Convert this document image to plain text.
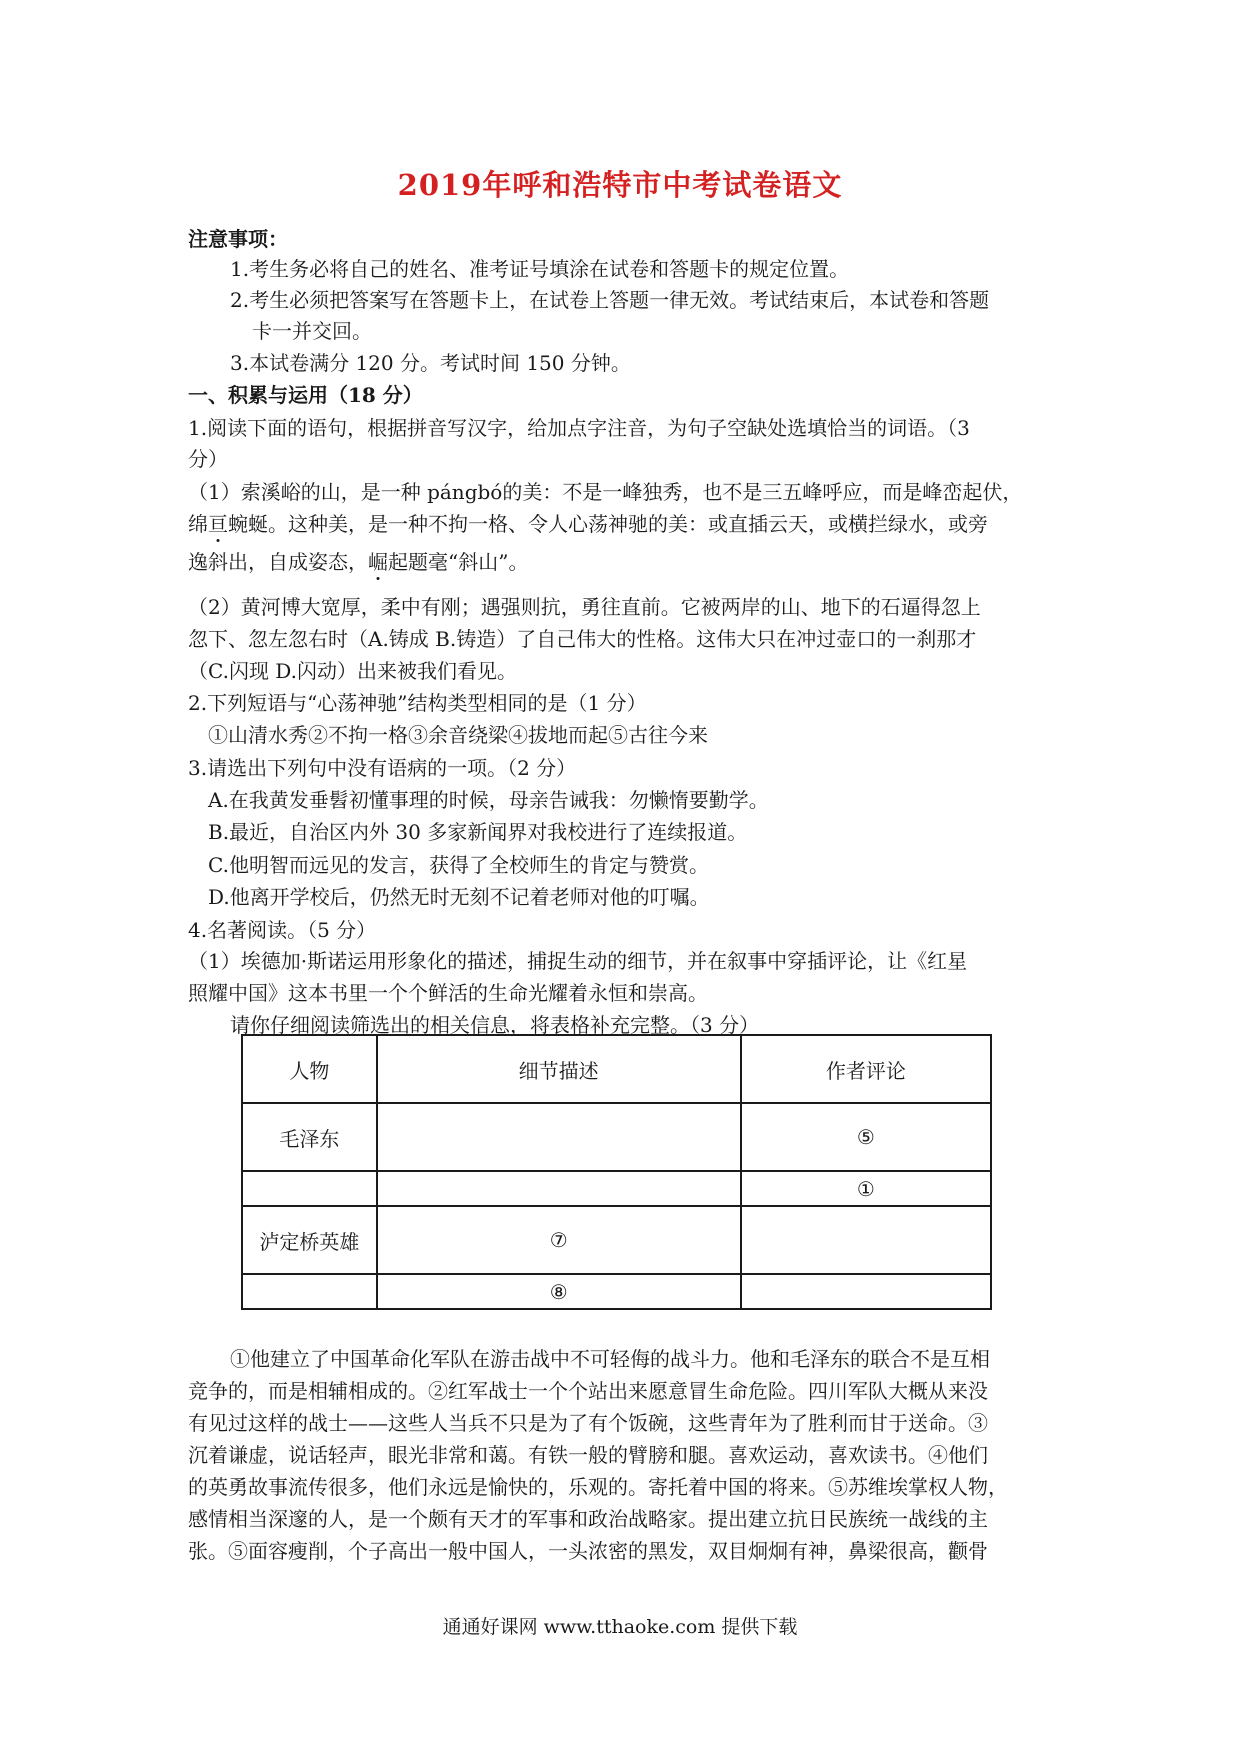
2019年呼和浩特市中考试卷语文
注意事项：
1.考生务必将自己的姓名、准考证号填涂在试卷和答题卡的规定位置。
2.考生必须把答案写在答题卡上，在试卷上答题一律无效。考试结束后，本试卷和答题
卡一并交回。
3.本试卷满分 120 分。考试时间 150 分钟。
一、积累与运用（18 分）
1.阅读下面的语句，根据拼音写汉字，给加点字注音，为句子空缺处选填恰当的词语。（3
分）
（1）索溪峪的山，是一种 pángbó的美：不是一峰独秀，也不是三五峰呼应，而是峰峦起伏，
绵亘蜿蜒。这种美，是一种不拘一格、令人心荡神驰的美：或直插云天，或横拦绿水，或旁
逸斜出，自成姿态，崛起题毫“斜山”。
（2）黄河博大宽厚，柔中有刚；遇强则抗，勇往直前。它被两岸的山、地下的石逼得忽上
忽下、忽左忽右时（A.铸成 B.铸造）了自己伟大的性格。这伟大只在冲过壶口的一刹那才
（C.闪现 D.闪动）出来被我们看见。
2.下列短语与“心荡神驰”结构类型相同的是（1 分）
①山清水秀②不拘一格③余音绕梁④拔地而起⑤古往今来
3.请选出下列句中没有语病的一项。（2 分）
A.在我黄发垂髫初懂事理的时候，母亲告诫我：勿懒惰要勤学。
B.最近，自治区内外 30 多家新闻界对我校进行了连续报道。
C.他明智而远见的发言，获得了全校师生的肯定与赞赏。
D.他离开学校后，仍然无时无刻不记着老师对他的叮嘱。
4.名著阅读。（5 分）
（1）埃德加·斯诺运用形象化的描述，捕捉生动的细节，并在叙事中穿插评论，让《红星
照耀中国》这本书里一个个鲜活的生命光耀着永恒和崇高。
请你仔细阅读筛选出的相关信息，将表格补充完整。（3 分）
人物	细节描述	作者评论
毛泽东		⑤
		①
泸定桥英雄	⑦	
	⑧	
①他建立了中国革命化军队在游击战中不可轻侮的战斗力。他和毛泽东的联合不是互相
竞争的，而是相辅相成的。②红军战士一个个站出来愿意冒生命危险。四川军队大概从来没
有见过这样的战士——这些人当兵不只是为了有个饭碗，这些青年为了胜利而甘于送命。③
沉着谦虚，说话轻声，眼光非常和蔼。有铁一般的臂膀和腿。喜欢运动，喜欢读书。④他们
的英勇故事流传很多，他们永远是愉快的，乐观的。寄托着中国的将来。⑤苏维埃掌权人物，
感情相当深邃的人，是一个颇有天才的军事和政治战略家。提出建立抗日民族统一战线的主
张。⑤面容瘦削，个子高出一般中国人，一头浓密的黑发，双目炯炯有神，鼻梁很高，颧骨
通通好课网 www.tthaoke.com 提供下载
